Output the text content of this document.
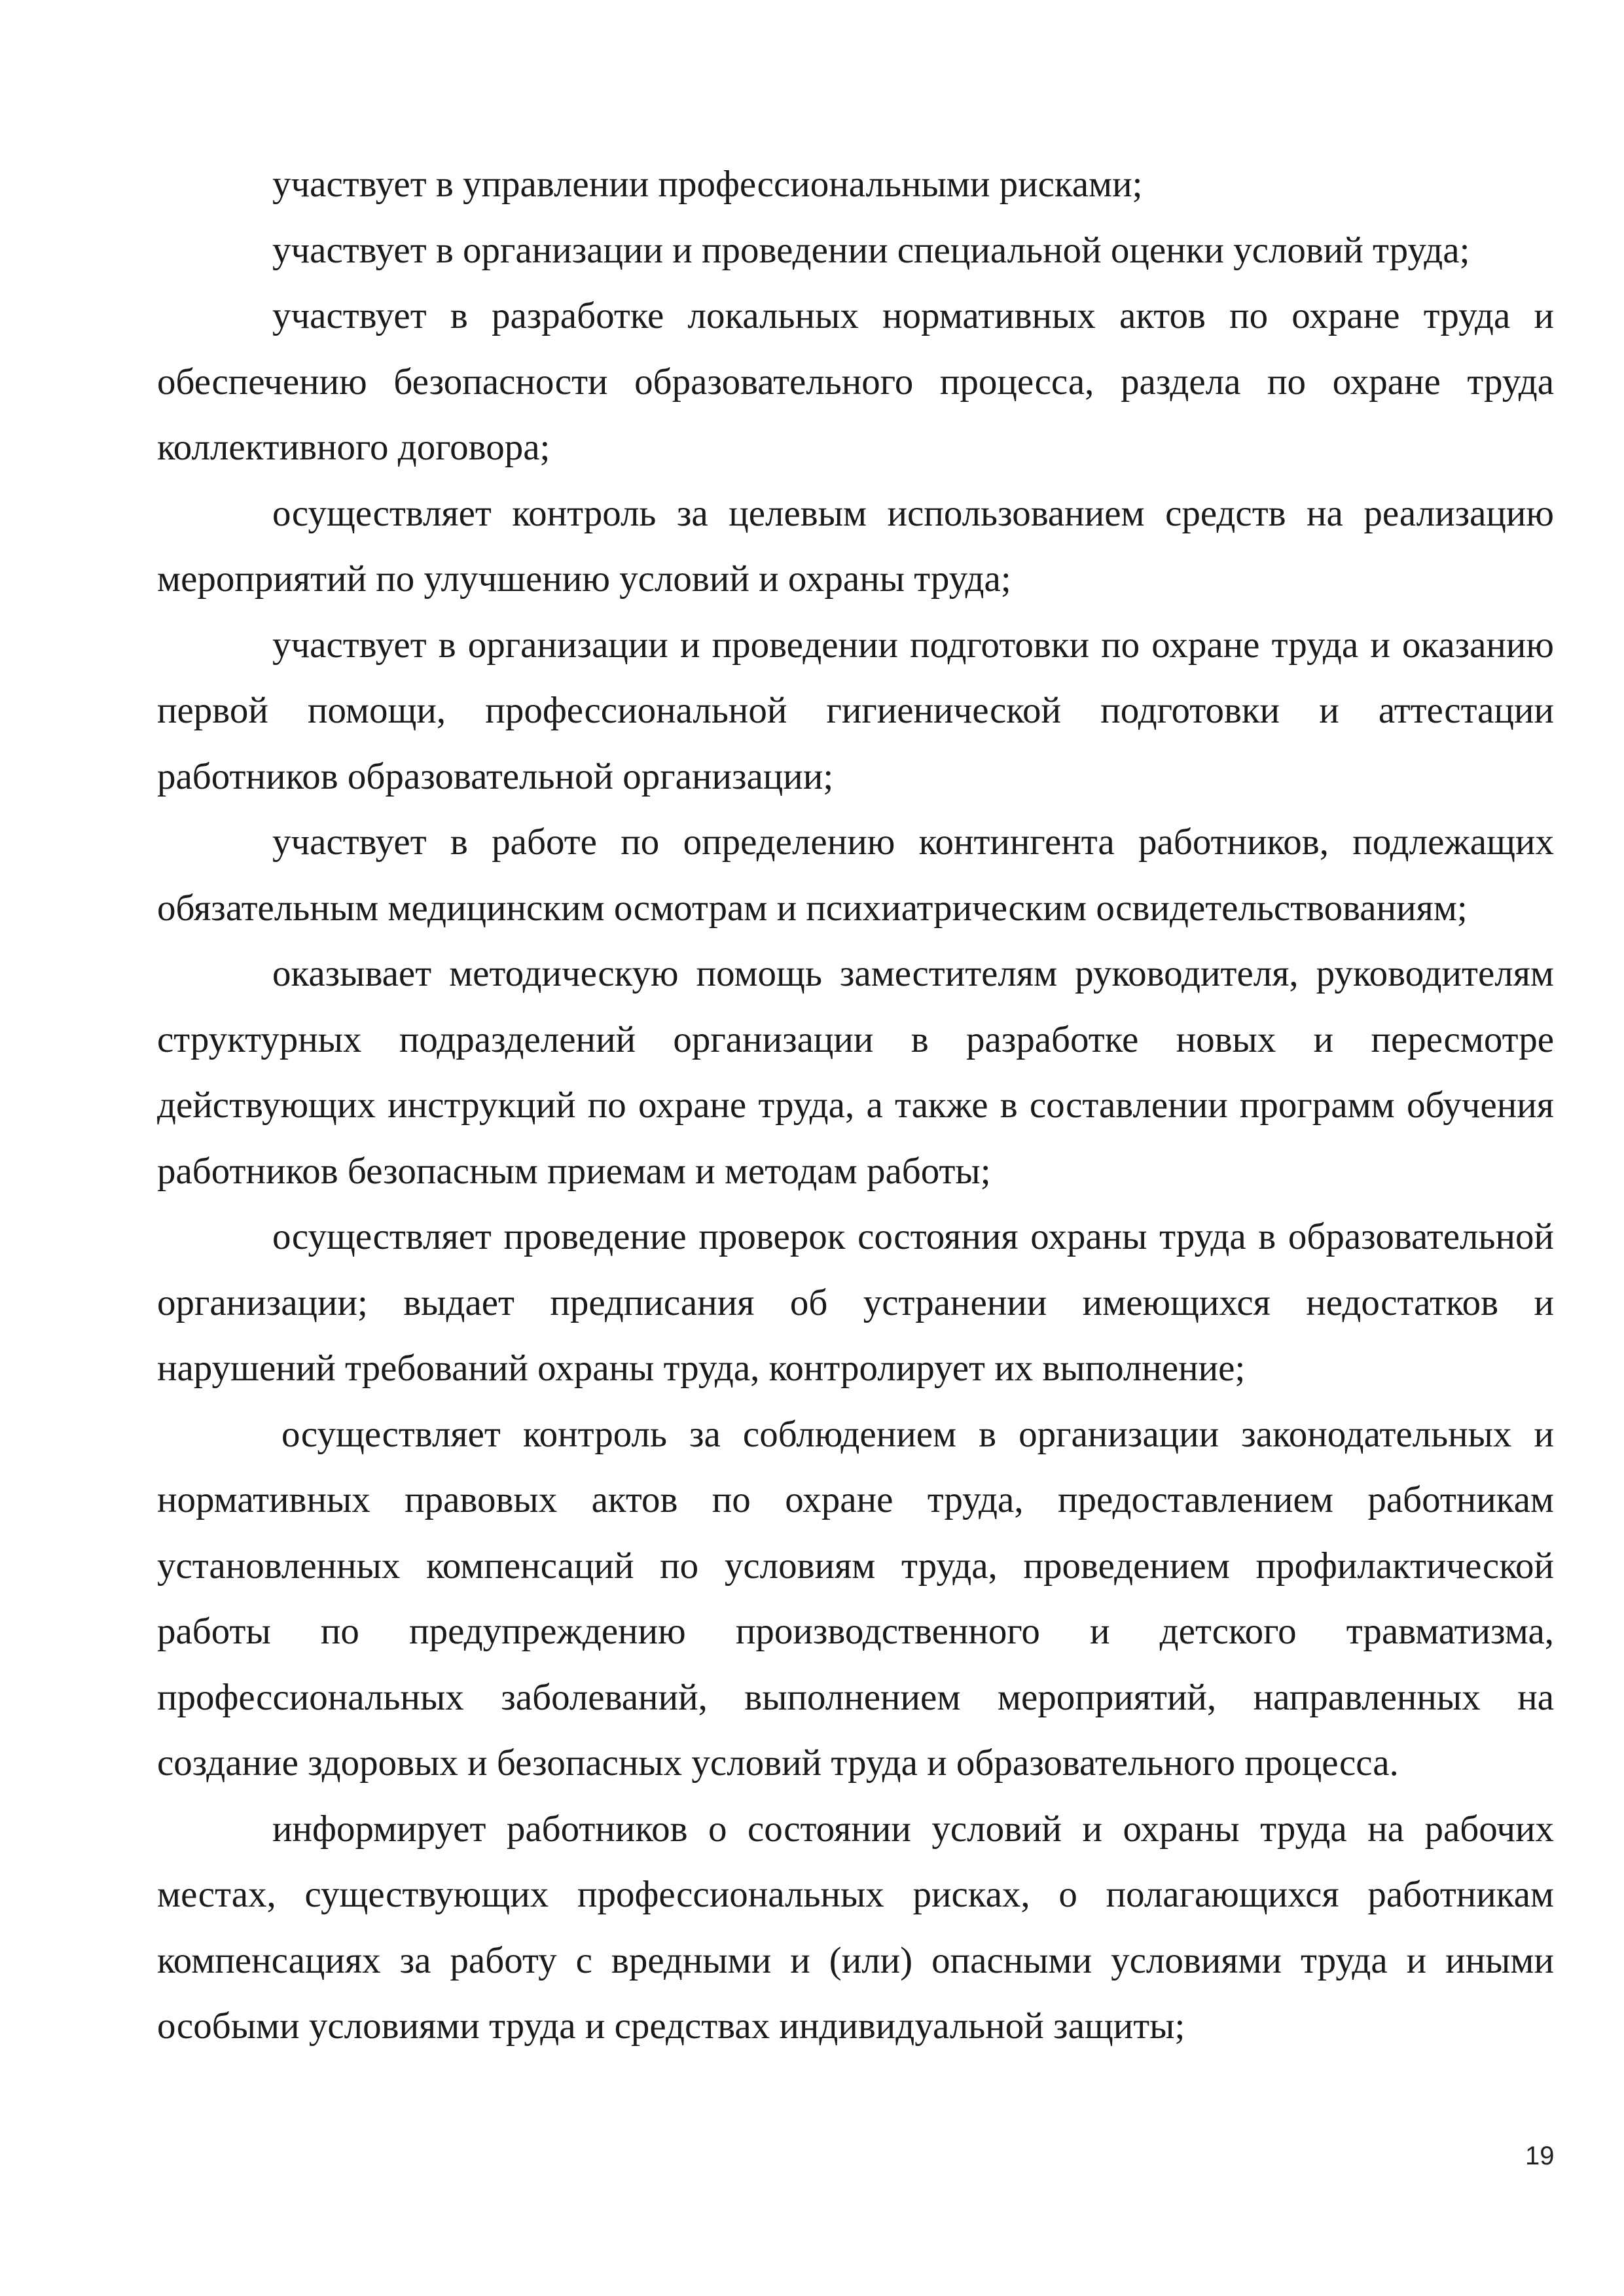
участвует в управлении профессиональными рисками;

участвует в организации и проведении специальной оценки условий труда;

участвует в разработке локальных нормативных актов по охране труда и обеспечению безопасности образовательного процесса, раздела по охране труда коллективного договора;

осуществляет контроль за целевым использованием средств на реализацию мероприятий по улучшению условий и охраны труда;

участвует в организации и проведении подготовки по охране труда и оказанию первой помощи, профессиональной гигиенической подготовки и аттестации работников образовательной организации;

участвует в работе по определению контингента работников, подлежащих обязательным медицинским осмотрам и психиатрическим освидетельствованиям;

оказывает методическую помощь заместителям руководителя, руководителям структурных подразделений организации в разработке новых и пересмотре действующих инструкций по охране труда, а также в составлении программ обучения работников безопасным приемам и методам работы;

осуществляет проведение проверок состояния охраны труда в образовательной организации; выдает предписания об устранении имеющихся недостатков и нарушений требований охраны труда, контролирует их выполнение;

осуществляет контроль за соблюдением в организации законодательных и нормативных правовых актов по охране труда, предоставлением работникам установленных компенсаций по условиям труда, проведением профилактической работы по предупреждению производственного и детского травматизма, профессиональных заболеваний, выполнением мероприятий, направленных на создание здоровых и безопасных условий труда и образовательного процесса.

информирует работников о состоянии условий и охраны труда на рабочих местах, существующих профессиональных рисках, о полагающихся работникам компенсациях за работу с вредными и (или) опасными условиями труда и иными особыми условиями труда и средствах индивидуальной защиты;

19
